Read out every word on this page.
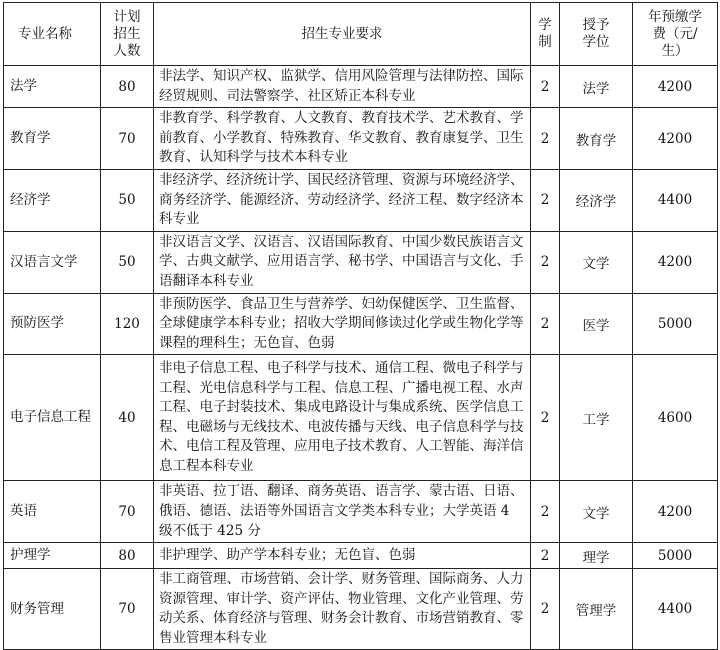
专业名称	计划招生人数	招生专业要求	学制	授予学位	年预缴学费（元/生）
法学	80	非法学、知识产权、监狱学、信用风险管理与法律防控、国际经贸规则、司法警察学、社区矫正本科专业	2	法学	4200
教育学	70	非教育学、科学教育、人文教育、教育技术学、艺术教育、学前教育、小学教育、特殊教育、华文教育、教育康复学、卫生教育、认知科学与技术本科专业	2	教育学	4200
经济学	50	非经济学、经济统计学、国民经济管理、资源与环境经济学、商务经济学、能源经济、劳动经济学、经济工程、数字经济本科专业	2	经济学	4400
汉语言文学	50	非汉语言文学、汉语言、汉语国际教育、中国少数民族语言文学、古典文献学、应用语言学、秘书学、中国语言与文化、手语翻译本科专业	2	文学	4200
预防医学	120	非预防医学、食品卫生与营养学、妇幼保健医学、卫生监督、全球健康学本科专业；招收大学期间修读过化学或生物化学等课程的理科生；无色盲、色弱	2	医学	5000
电子信息工程	40	非电子信息工程、电子科学与技术、通信工程、微电子科学与工程、光电信息科学与工程、信息工程、广播电视工程、水声工程、电子封装技术、集成电路设计与集成系统、医学信息工程、电磁场与无线技术、电波传播与天线、电子信息科学与技术、电信工程及管理、应用电子技术教育、人工智能、海洋信息工程本科专业	2	工学	4600
英语	70	非英语、拉丁语、翻译、商务英语、语言学、蒙古语、日语、俄语、德语、法语等外国语言文学类本科专业；大学英语 4 级不低于 425 分	2	文学	4200
护理学	80	非护理学、助产学本科专业；无色盲、色弱	2	理学	5000
财务管理	70	非工商管理、市场营销、会计学、财务管理、国际商务、人力资源管理、审计学、资产评估、物业管理、文化产业管理、劳动关系、体育经济与管理、财务会计教育、市场营销教育、零售业管理本科专业	2	管理学	4400
